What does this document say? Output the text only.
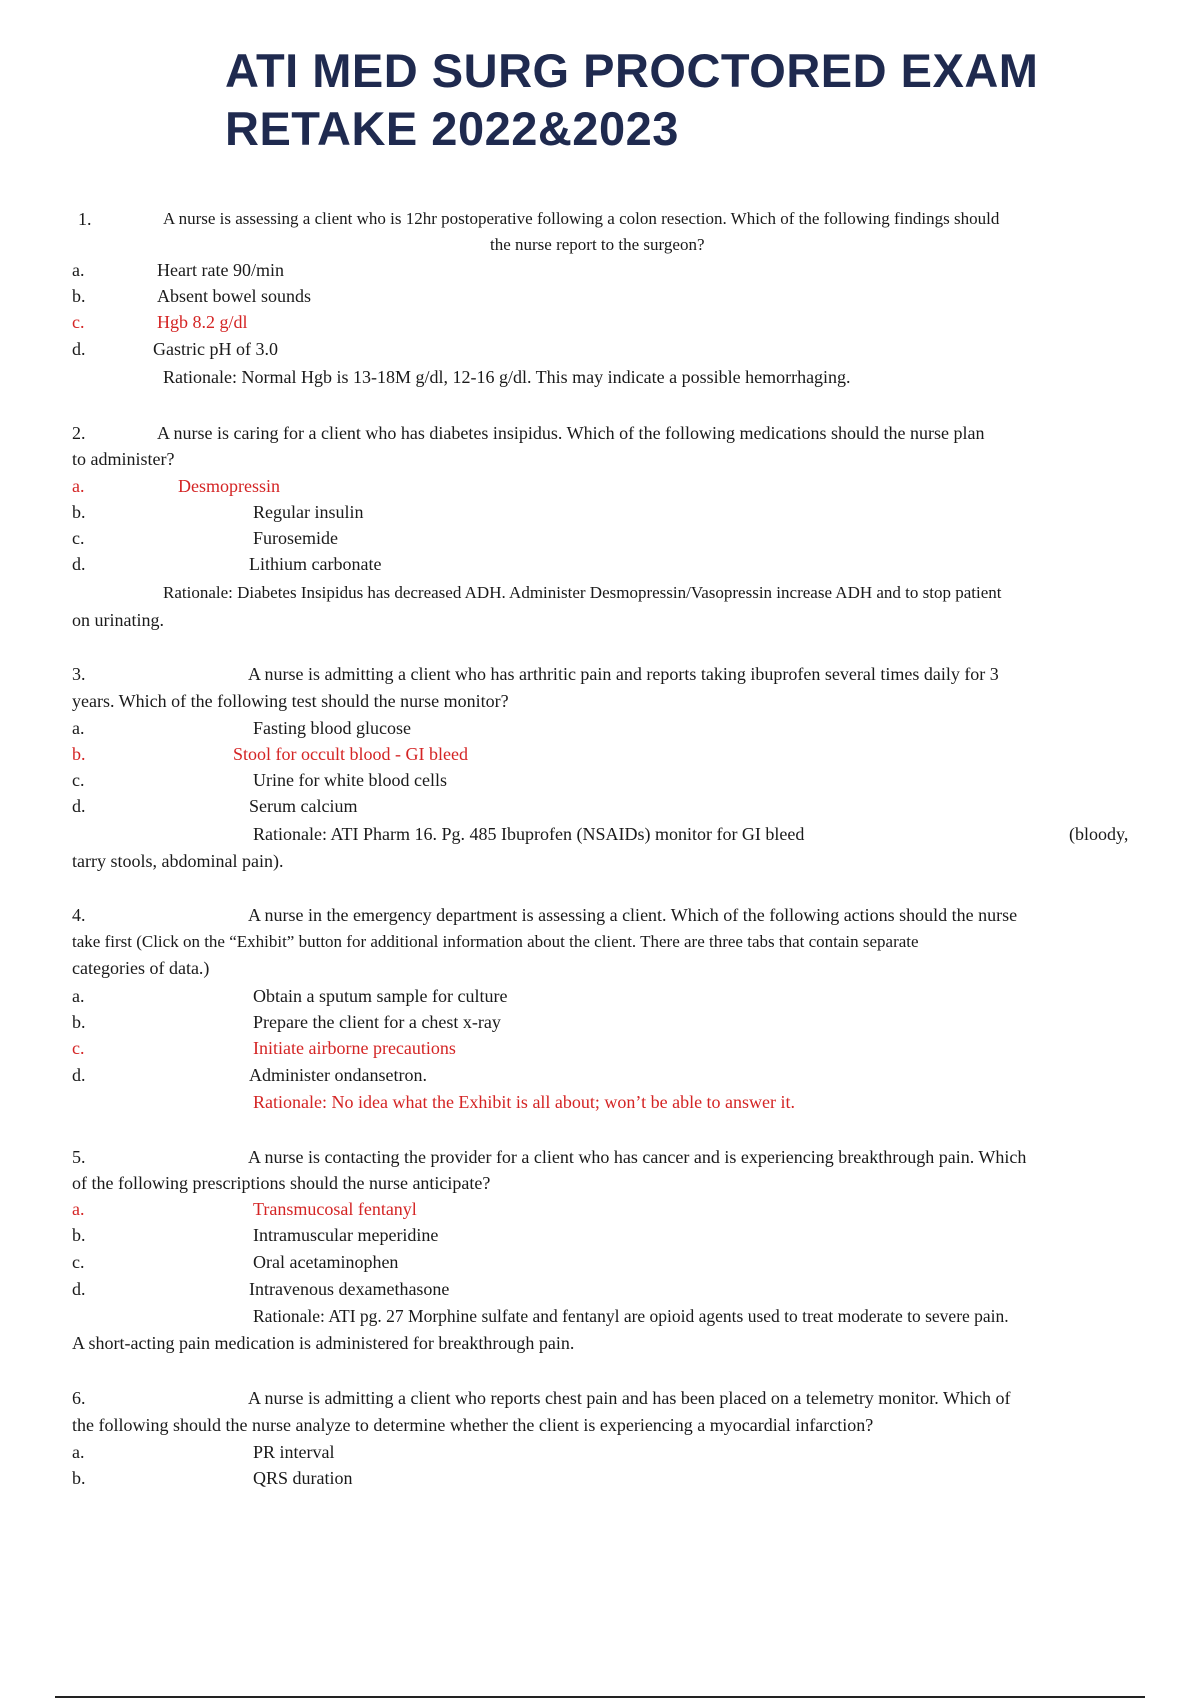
ATI MED SURG PROCTORED EXAM
RETAKE 2022&2023
1.	A nurse is assessing a client who is 12hr postoperative following a colon resection. Which of the following findings should
the nurse report to the surgeon?
a.	Heart rate 90/min
b.	Absent bowel sounds
c.	Hgb 8.2 g/dl
d.	Gastric pH of 3.0
Rationale: Normal Hgb is 13-18M g/dl, 12-16 g/dl. This may indicate a possible hemorrhaging.
2.	A nurse is caring for a client who has diabetes insipidus. Which of the following medications should the nurse plan
to administer?
a.	Desmopressin
b.	Regular insulin
c.	Furosemide
d.	Lithium carbonate
Rationale: Diabetes Insipidus has decreased ADH. Administer Desmopressin/Vasopressin increase ADH and to stop patient
on urinating.
3.	A nurse is admitting a client who has arthritic pain and reports taking ibuprofen several times daily for 3
years. Which of the following test should the nurse monitor?
a.	Fasting blood glucose
b.	Stool for occult blood - GI bleed
c.	Urine for white blood cells
d.	Serum calcium
Rationale: ATI Pharm 16. Pg. 485 Ibuprofen (NSAIDs) monitor for GI bleed	(bloody,
tarry stools, abdominal pain).
4.	A nurse in the emergency department is assessing a client. Which of the following actions should the nurse
take first (Click on the “Exhibit” button for additional information about the client. There are three tabs that contain separate
categories of data.)
a.	Obtain a sputum sample for culture
b.	Prepare the client for a chest x-ray
c.	Initiate airborne precautions
d.	Administer ondansetron.
Rationale: No idea what the Exhibit is all about; won’t be able to answer it.
5.	A nurse is contacting the provider for a client who has cancer and is experiencing breakthrough pain. Which
of the following prescriptions should the nurse anticipate?
a.	Transmucosal fentanyl
b.	Intramuscular meperidine
c.	Oral acetaminophen
d.	Intravenous dexamethasone
Rationale: ATI pg. 27 Morphine sulfate and fentanyl are opioid agents used to treat moderate to severe pain.
A short-acting pain medication is administered for breakthrough pain.
6.	A nurse is admitting a client who reports chest pain and has been placed on a telemetry monitor. Which of
the following should the nurse analyze to determine whether the client is experiencing a myocardial infarction?
a.	PR interval
b.	QRS duration
